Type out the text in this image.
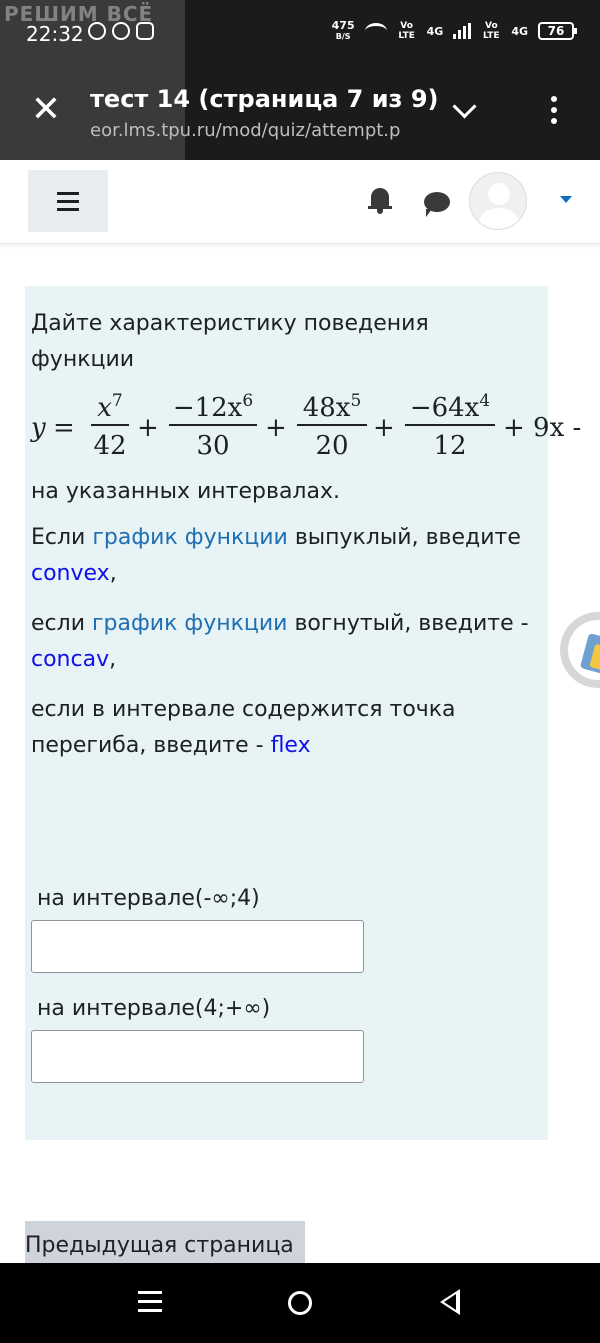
РЕШИМ ВСЁ
22:32	475
B/S
Vo LTE 4G	Vo LTE 4G	76
✕ тест 14 (страница 7 из 9)
eor.lms.tpu.ru/mod/quiz/attempt.p
Дайте характеристику поведения функции
$y = \frac{x^7}{42} + \frac{-12x^6}{30} + \frac{48x^5}{20} + \frac{-64x^4}{12} + 9x$ -
на указанных интервалах.
Если график функции выпуклый, введите convex,
если график функции вогнутый, введите - concav,
если в интервале содержится точка перегиба, введите - flex
на интервале(-∞;4)
на интервале(4;+∞)
Предыдущая страница
